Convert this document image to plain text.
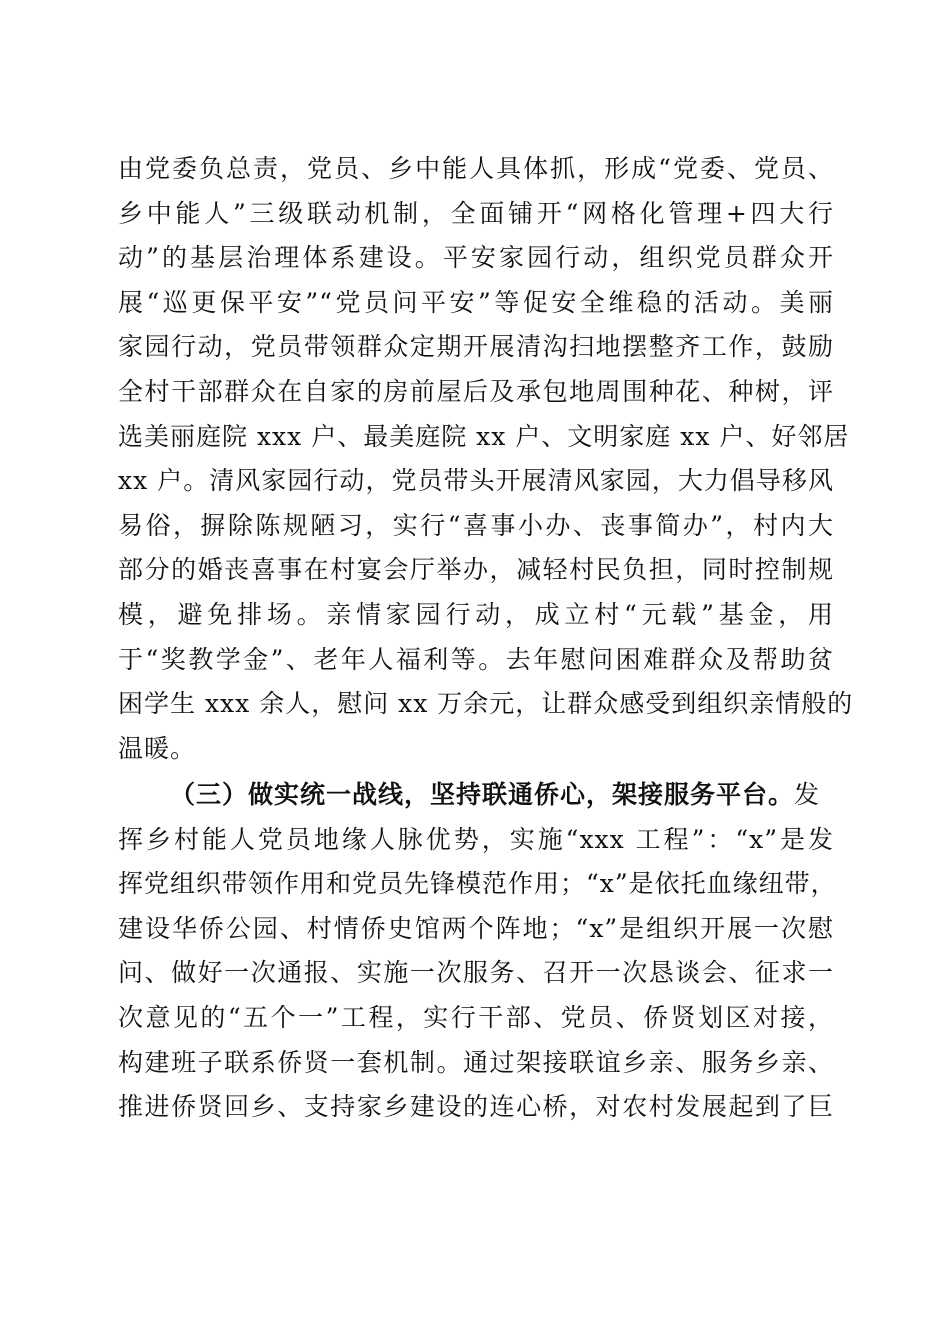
由党委负总责，党员、乡中能人具体抓，形成“党委、党员、
乡中能人”三级联动机制，全面铺开“网格化管理+四大行
动”的基层治理体系建设。平安家园行动，组织党员群众开
展“巡更保平安”“党员问平安”等促安全维稳的活动。美丽
家园行动，党员带领群众定期开展清沟扫地摆整齐工作，鼓励
全村干部群众在自家的房前屋后及承包地周围种花、种树，评
选美丽庭院 xxx 户、最美庭院 xx 户、文明家庭 xx 户、好邻居
xx 户。清风家园行动，党员带头开展清风家园，大力倡导移风
易俗，摒除陈规陋习，实行“喜事小办、丧事简办”，村内大
部分的婚丧喜事在村宴会厅举办，减轻村民负担，同时控制规
模，避免排场。亲情家园行动，成立村“元载”基金，用
于“奖教学金”、老年人福利等。去年慰问困难群众及帮助贫
困学生 xxx 余人，慰问 xx 万余元，让群众感受到组织亲情般的
温暖。
（三）做实统一战线，坚持联通侨心，架接服务平台。发
挥乡村能人党员地缘人脉优势，实施“xxx 工程”：“x”是发
挥党组织带领作用和党员先锋模范作用；“x”是依托血缘纽带，
建设华侨公园、村情侨史馆两个阵地；“x”是组织开展一次慰
问、做好一次通报、实施一次服务、召开一次恳谈会、征求一
次意见的“五个一”工程，实行干部、党员、侨贤划区对接，
构建班子联系侨贤一套机制。通过架接联谊乡亲、服务乡亲、
推进侨贤回乡、支持家乡建设的连心桥，对农村发展起到了巨
